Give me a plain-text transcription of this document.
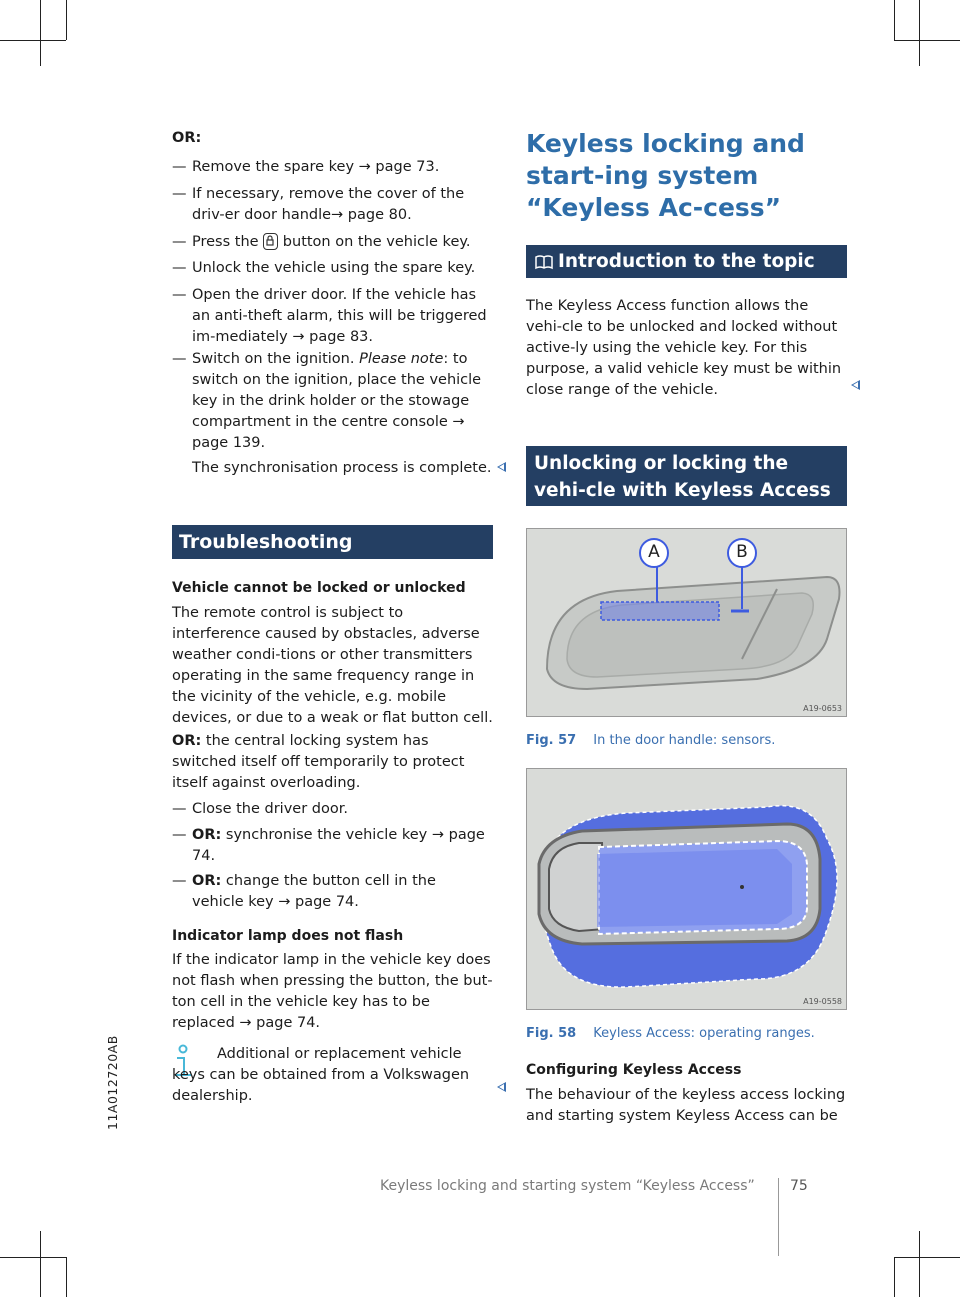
11A012720AB
OR:
— Remove the spare key → page 73.
— If necessary, remove the cover of the driv-er door handle→ page 80.
— Press the button on the vehicle key.
— Unlock the vehicle using the spare key.
— Open the driver door. If the vehicle has an anti-theft alarm, this will be triggered im-mediately → page 83.
— Switch on the ignition. Please note: to switch on the ignition, place the vehicle key in the drink holder or the stowage compartment in the centre console → page 139.
The synchronisation process is complete.
Troubleshooting
Vehicle cannot be locked or unlocked
The remote control is subject to interference caused by obstacles, adverse weather condi-tions or other transmitters operating in the same frequency range in the vicinity of the vehicle, e.g. mobile devices, or due to a weak or flat button cell.
OR: the central locking system has switched itself off temporarily to protect itself against overloading.
— Close the driver door.
— OR: synchronise the vehicle key → page 74.
— OR: change the button cell in the vehicle key → page 74.
Indicator lamp does not flash
If the indicator lamp in the vehicle key does not flash when pressing the button, the but-ton cell in the vehicle key has to be replaced → page 74.
Additional or replacement vehicle keys can be obtained from a Volkswagen dealership.
Keyless locking and start-ing system “Keyless Ac-cess”
Introduction to the topic
The Keyless Access function allows the vehi-cle to be unlocked and locked without active-ly using the vehicle key. For this purpose, a valid vehicle key must be within close range of the vehicle.
Unlocking or locking the vehi-cle with Keyless Access
A	B
A19-0653
Fig. 57 In the door handle: sensors.
A19-0558
Fig. 58 Keyless Access: operating ranges.
Configuring Keyless Access
The behaviour of the keyless access locking and starting system Keyless Access can be
Keyless locking and starting system “Keyless Access”	75
